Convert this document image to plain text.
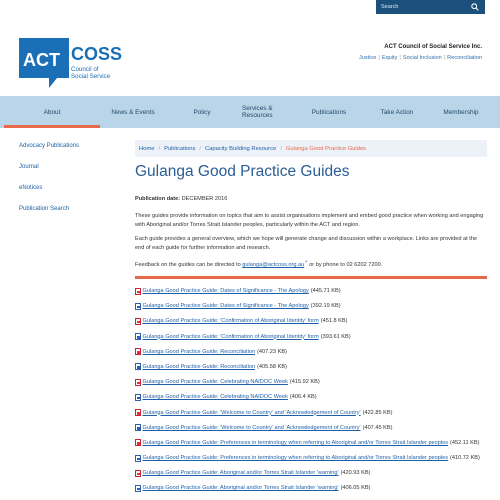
Search
ACT COSS
Council of
Social Service
ACT Council of Social Service Inc.
Justice | Equity | Social Inclusion | Reconciliation
About	News & Events	Policy	Services & Resources	Publications	Take Action	Membership
Advocacy Publications
Journal
eNotices
Publication Search
Home / Publications / Capacity Building Resource / Gulanga Good Practice Guides
Gulanga Good Practice Guides
Publication date: DECEMBER 2016

These guides provide information on topics that aim to assist organisations implement and embed good practice when working and engaging with Aboriginal and/or Torres Strait Islander peoples, particularly within the ACT and region.

Each guide provides a general overview, which we hope will generate change and discussion within a workplace. Links are provided at the end of each guide for further information and research.

Feedback on the guides can be directed to gulanga@actcoss.org.au↗ or by phone to 02 6202 7200.

Gulanga Good Practice Guide: Dates of Significance - The Apology (445.71 KB)
Gulanga Good Practice Guide: Dates of Significance - The Apology (392.19 KB)
Gulanga Good Practice Guide: 'Confirmation of Aboriginal Identity' form (451.8 KB)
Gulanga Good Practice Guide: 'Confirmation of Aboriginal Identity' form (393.61 KB)
Gulanga Good Practice Guide: Reconciliation (407.23 KB)
Gulanga Good Practice Guide: Reconciliation (405.58 KB)
Gulanga Good Practice Guide: Celebrating NAIDOC Week (415.92 KB)
Gulanga Good Practice Guide: Celebrating NAIDOC Week (406.4 KB)
Gulanga Good Practice Guide: 'Welcome to Country' and 'Acknowledgement of Country' (422.85 KB)
Gulanga Good Practice Guide: 'Welcome to Country' and 'Acknowledgement of Country' (407.45 KB)
Gulanga Good Practice Guide: Preferences in terminology when referring to Aboriginal and/or Torres Strait Islander peoples (452.11 KB)
Gulanga Good Practice Guide: Preferences in terminology when referring to Aboriginal and/or Torres Strait Islander peoples (410.72 KB)
Gulanga Good Practice Guide: Aboriginal and/or Torres Strait Islander 'warning' (420.93 KB)
Gulanga Good Practice Guide: Aboriginal and/or Torres Strait Islander 'warning' (406.05 KB)
